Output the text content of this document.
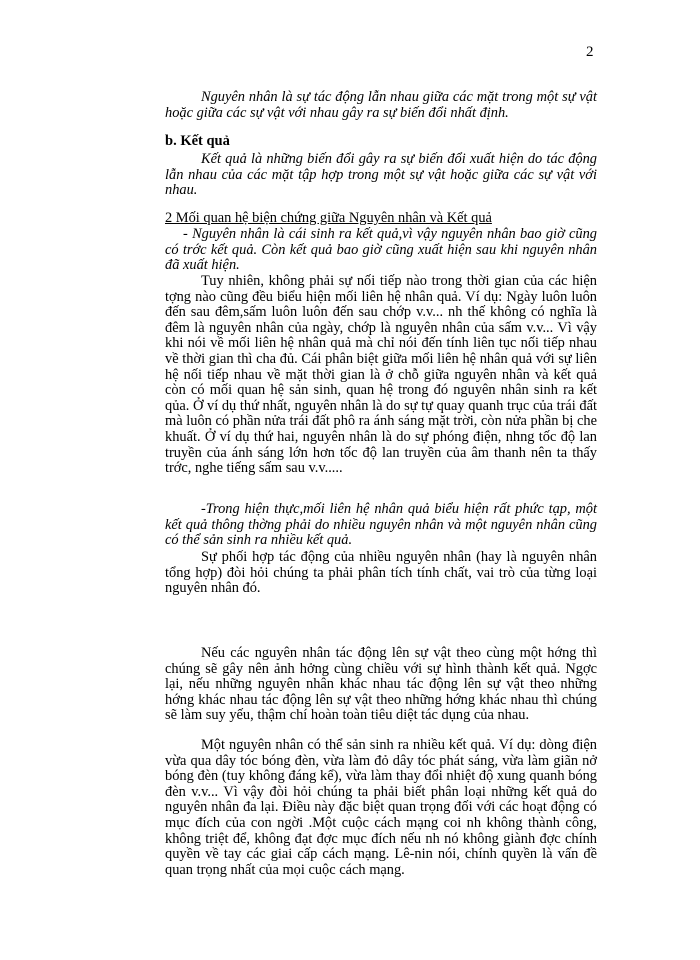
2

Nguyên nhân là sự tác động lẫn nhau giữa các mặt trong một sự vật hoặc giữa các sự vật với nhau gây ra sự biến đổi nhất định.

b. Kết quả

Kết quả là những biến đổi gây ra sự biến đổi xuất hiện do tác động lẫn nhau của các mặt tập hợp trong một sự vật hoặc giữa các sự vật với nhau.

2 Mối quan hệ biện chứng giữa Nguyên nhân và Kết quả

- Nguyên nhân là cái sinh ra kết quả,vì vậy nguyên nhân bao giờ cũng có trớc kết quả. Còn kết quả bao giờ cũng xuất hiện sau khi nguyên nhân đã xuất hiện.

Tuy nhiên, không phải sự nối tiếp nào trong thời gian của các hiện tợng nào cũng đều biểu hiện mối liên hệ nhân quả. Ví dụ: Ngày luôn luôn đến sau đêm,sấm luôn luôn đến sau chớp v.v... nh thế không có nghĩa là đêm là nguyên nhân của ngày, chớp là nguyên nhân của sấm v.v... Vì vậy khi nói về mối liên hệ nhân quả mà chỉ nói đến tính liên tục nối tiếp nhau về thời gian thì cha đủ. Cái phân biệt giữa mối liên hệ nhân quả với sự liên hệ nối tiếp nhau về mặt thời gian là ở chỗ giữa nguyên nhân và kết quả còn có mối quan hệ sản sinh, quan hệ trong đó nguyên nhân sinh ra kết qủa. Ở ví dụ thứ nhất, nguyên nhân là do sự tự quay quanh trục của trái đất mà luôn có phần nửa trái đất phô ra ánh sáng mặt trời, còn nửa phần bị che khuất. Ở ví dụ thứ hai, nguyên nhân là do sự phóng điện, nhng tốc độ lan truyền của ánh sáng lớn hơn tốc độ lan truyền của âm thanh nên ta thấy trớc, nghe tiếng sấm sau v.v.....

-Trong hiện thực,mối liên hệ nhân quả biểu hiện rất phức tạp, một kết quả thông thờng phải do nhiều nguyên nhân và một nguyên nhân cũng có thể sản sinh ra nhiều kết quả.

Sự phối hợp tác động của nhiều nguyên nhân (hay là nguyên nhân tổng hợp) đòi hỏi chúng ta phải phân tích tính chất, vai trò của từng loại nguyên nhân đó.

Nếu các nguyên nhân tác động lên sự vật theo cùng một hớng thì chúng sẽ gây nên ảnh hởng cùng chiều với sự hình thành kết quả. Ngợc lại, nếu những nguyên nhân khác nhau tác động lên sự vật theo những hớng khác nhau tác động lên sự vật theo những hớng khác nhau thì chúng sẽ làm suy yếu, thậm chí hoàn toàn tiêu diệt tác dụng của nhau.

Một nguyên nhân có thể sản sinh ra nhiều kết quả. Ví dụ: dòng điện vừa qua dây tóc bóng đèn, vừa làm đỏ dây tóc phát sáng, vừa làm giãn nở bóng đèn (tuy không đáng kể), vừa làm thay đổi nhiệt độ xung quanh bóng đèn v.v... Vì vậy đòi hỏi chúng ta phải biết phân loại những kết quả do nguyên nhân đa lại. Điều này đặc biệt quan trọng đối với các hoạt động có mục đích của con ngời .Một cuộc cách mạng coi nh không thành công, không triệt để, không đạt đợc mục đích nếu nh nó không giành đợc chính quyền về tay các giai cấp cách mạng. Lê-nin nói, chính quyền là vấn đề quan trọng nhất của mọi cuộc cách mạng.
